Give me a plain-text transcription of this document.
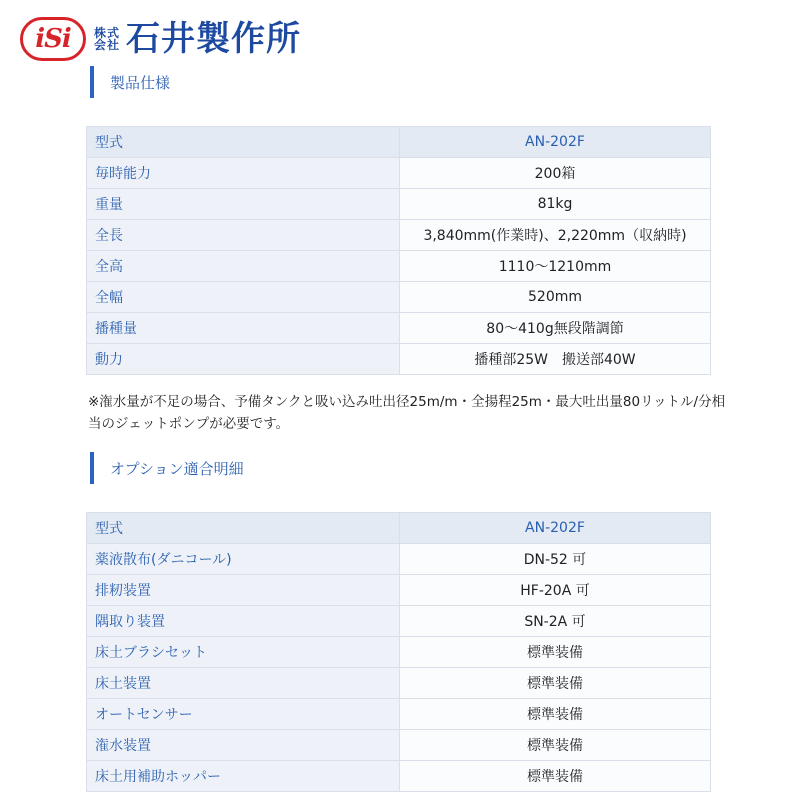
iSi 株式
会社 石井製作所
製品仕様
型式	AN-202F
毎時能力	200箱
重量	81kg
全長	3,840mm(作業時)、2,220mm（収納時)
全高	1110〜1210mm
全幅	520mm
播種量	80〜410g無段階調節
動力	播種部25W　搬送部40W
※潅水量が不足の場合、予備タンクと吸い込み吐出径25m/m・全揚程25m・最大吐出量80リットル/分相当のジェットポンプが必要です。
オプション適合明細
型式	AN-202F
薬液散布(ダニコール)	DN-52 可
排籾装置	HF-20A 可
隅取り装置	SN-2A 可
床土ブラシセット	標準装備
床土装置	標準装備
オートセンサー	標準装備
潅水装置	標準装備
床土用補助ホッパー	標準装備
